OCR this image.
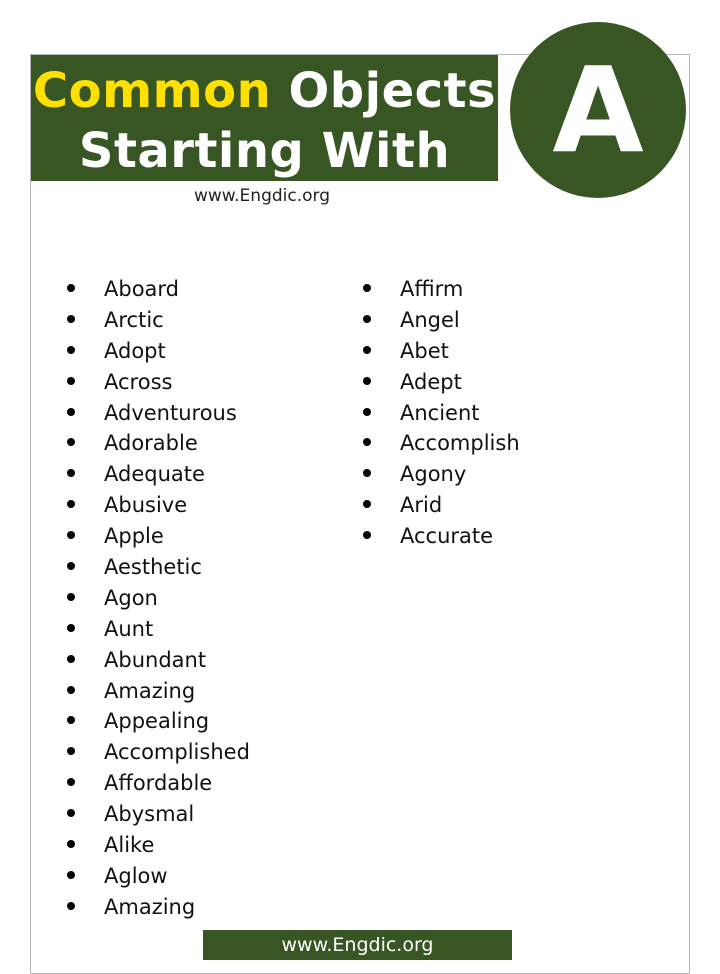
Common Objects
Starting With A
www.Engdic.org
Aboard
Arctic
Adopt
Across
Adventurous
Adorable
Adequate
Abusive
Apple
Aesthetic
Agon
Aunt
Abundant
Amazing
Appealing
Accomplished
Affordable
Abysmal
Alike
Aglow
Amazing
Affirm
Angel
Abet
Adept
Ancient
Accomplish
Agony
Arid
Accurate
www.Engdic.org
